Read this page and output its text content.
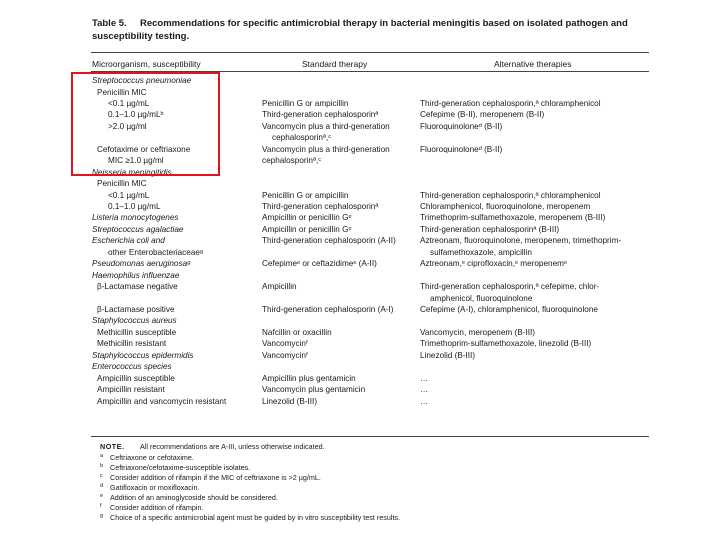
Table 5. Recommendations for specific antimicrobial therapy in bacterial meningitis based on isolated pathogen and susceptibility testing.
Microorganism, susceptibility	Standard therapy	Alternative therapies
Streptococcus pneumoniae
Penicillin MIC
<0.1 µg/mL	Penicillin G or ampicillin	Third-generation cephalosporin,ª chloramphenicol
0.1–1.0 µg/mLᵇ	Third-generation cephalosporinª	Cefepime (B-II), meropenem (B-II)
>2.0 µg/ml	Vancomycin plus a third-generation	Fluoroquinoloneᵈ (B-II)
cephalosporinª,ᶜ
Cefotaxime or ceftriaxone	Vancomycin plus a third-generation	Fluoroquinoloneᵈ (B-II)
MIC ≥1.0 µg/ml	cephalosporinª,ᶜ
Neisseria meningitidis
Penicillin MIC
<0.1 µg/mL	Penicillin G or ampicillin	Third-generation cephalosporin,ª chloramphenicol
0.1–1.0 µg/mL	Third-generation cephalosporinª	Chloramphenicol, fluoroquinolone, meropenem
Listeria monocytogenes	Ampicillin or penicillin Gᵉ	Trimethoprim-sulfamethoxazole, meropenem (B-III)
Streptococcus agalactiae	Ampicillin or penicillin Gᵉ	Third-generation cephalosporinª (B-III)
Escherichia coli and	Third-generation cephalosporin (A-II)	Aztreonam, fluoroquinolone, meropenem, trimethoprim-
other Enterobacteriaceaeᵍ	sulfamethoxazole, ampicillin
Pseudomonas aeruginosaᵍ	Cefepimeᵉ or ceftazidimeᵉ (A-II)	Aztreonam,ᵉ ciprofloxacin,ᵉ meropenemᵉ
Haemophilus influenzae
β-Lactamase negative	Ampicillin	Third-generation cephalosporin,ª cefepime, chlor-
amphenicol, fluoroquinolone
β-Lactamase positive	Third-generation cephalosporin (A-I)	Cefepime (A-I), chloramphenicol, fluoroquinolone
Staphylococcus aureus
Methicillin susceptible	Nafcillin or oxacillin	Vancomycin, meropenem (B-III)
Methicillin resistant	Vancomycinᶠ	Trimethoprim-sulfamethoxazole, linezolid (B-III)
Staphylococcus epidermidis	Vancomycinᶠ	Linezolid (B-III)
Enterococcus species
Ampicillin susceptible	Ampicillin plus gentamicin	…
Ampicillin resistant	Vancomycin plus gentamicin	…
Ampicillin and vancomycin resistant	Linezolid (B-III)	…
NOTE. All recommendations are A-III, unless otherwise indicated.
a Ceftriaxone or cefotaxime.
b Ceftriaxone/cefotaxime-susceptible isolates.
c Consider addition of rifampin if the MIC of ceftriaxone is >2 µg/mL.
d Gatifloxacin or moxifloxacin.
e Addition of an aminoglycoside should be considered.
f Consider addition of rifampin.
g Choice of a specific antimicrobial agent must be guided by in vitro susceptibility test results.
